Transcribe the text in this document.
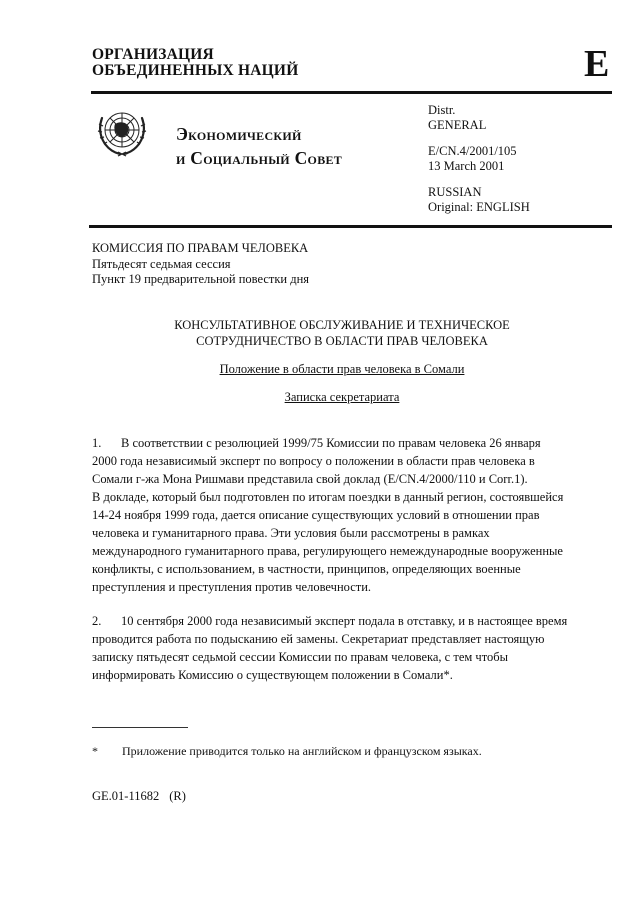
ОРГАНИЗАЦИЯ
ОБЪЕДИНЕННЫХ НАЦИЙ	E
Экономический
и Социальный Совет
Distr.
GENERAL
E/CN.4/2001/105
13 March 2001
RUSSIAN
Original: ENGLISH
КОМИССИЯ ПО ПРАВАМ ЧЕЛОВЕКА
Пятьдесят седьмая сессия
Пункт 19 предварительной повестки дня
КОНСУЛЬТАТИВНОЕ ОБСЛУЖИВАНИЕ И ТЕХНИЧЕСКОЕ
СОТРУДНИЧЕСТВО В ОБЛАСТИ ПРАВ ЧЕЛОВЕКА
Положение в области прав человека в Сомали
Записка секретариата
1. В соответствии с резолюцией 1999/75 Комиссии по правам человека 26 января
2000 года независимый эксперт по вопросу о положении в области прав человека в
Сомали г-жа Мона Ришмави представила свой доклад (E/CN.4/2000/110 и Corr.1).
В докладе, который был подготовлен по итогам поездки в данный регион, состоявшейся
14-24 ноября 1999 года, дается описание существующих условий в отношении прав
человека и гуманитарного права. Эти условия были рассмотрены в рамках
международного гуманитарного права, регулирующего немеждународные вооруженные
конфликты, с использованием, в частности, принципов, определяющих военные
преступления и преступления против человечности.
2. 10 сентября 2000 года независимый эксперт подала в отставку, и в настоящее время
проводится работа по подысканию ей замены. Секретариат представляет настоящую
записку пятьдесят седьмой сессии Комиссии по правам человека, с тем чтобы
информировать Комиссию о существующем положении в Сомали*.
* Приложение приводится только на английском и французском языках.
GE.01-11682 (R)
